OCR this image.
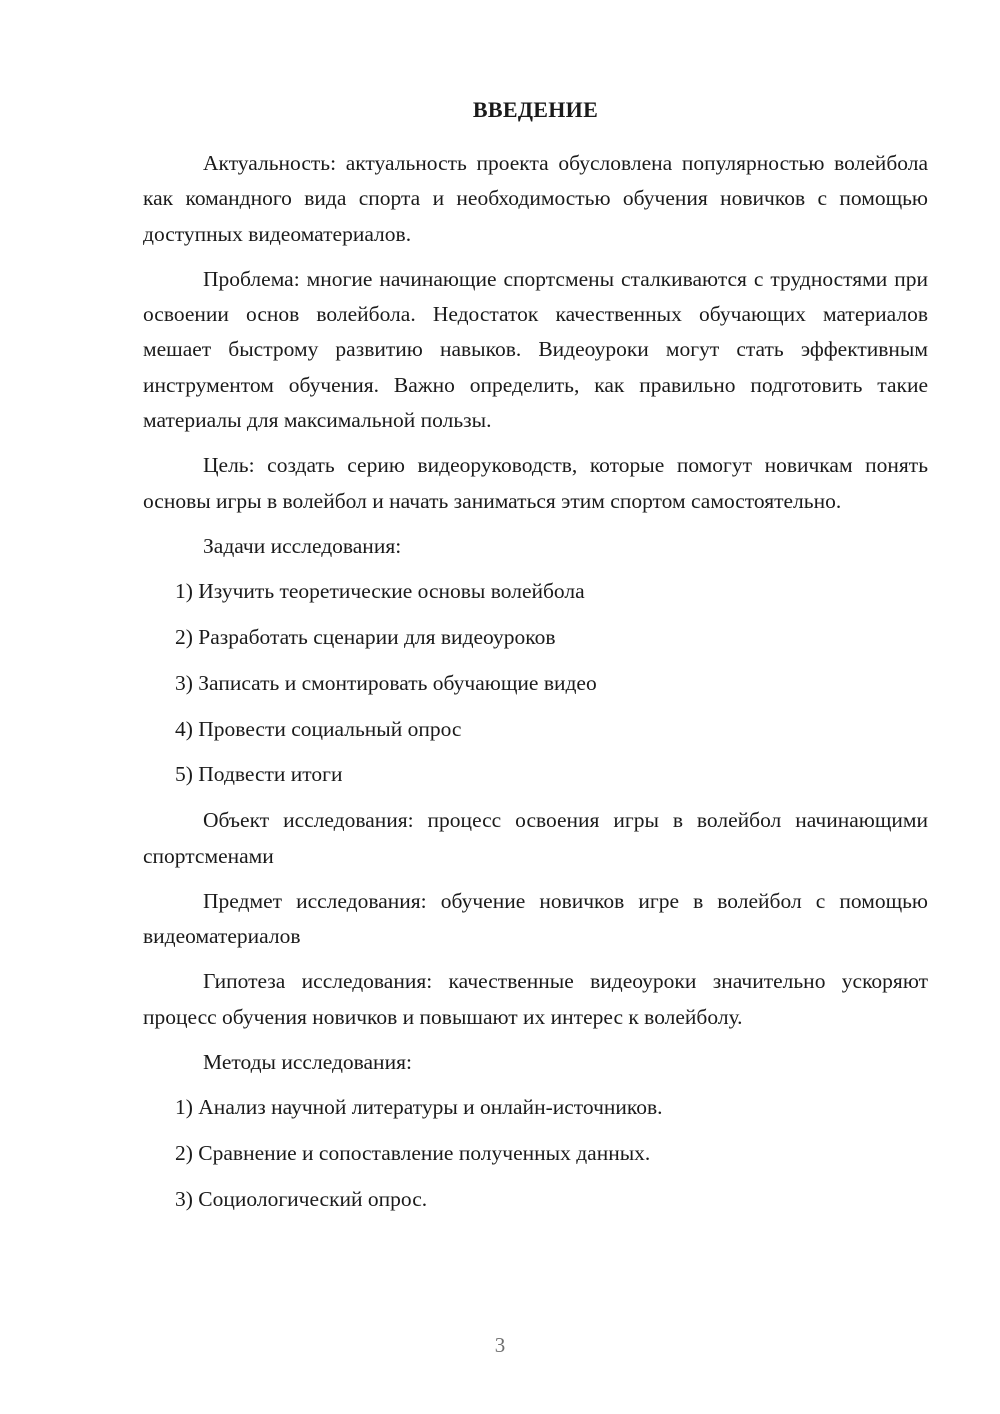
ВВЕДЕНИЕ

Актуальность: актуальность проекта обусловлена популярностью волейбола как командного вида спорта и необходимостью обучения новичков с помощью доступных видеоматериалов.

Проблема: многие начинающие спортсмены сталкиваются с трудностями при освоении основ волейбола. Недостаток качественных обучающих материалов мешает быстрому развитию навыков. Видеоуроки могут стать эффективным инструментом обучения. Важно определить, как правильно подготовить такие материалы для максимальной пользы.

Цель: создать серию видеоруководств, которые помогут новичкам понять основы игры в волейбол и начать заниматься этим спортом самостоятельно.

Задачи исследования:

1) Изучить теоретические основы волейбола

2) Разработать сценарии для видеоуроков

3) Записать и смонтировать обучающие видео

4) Провести социальный опрос

5) Подвести итоги

Объект исследования: процесс освоения игры в волейбол начинающими спортсменами

Предмет исследования: обучение новичков игре в волейбол с помощью видеоматериалов

Гипотеза исследования: качественные видеоуроки значительно ускоряют процесс обучения новичков и повышают их интерес к волейболу.

Методы исследования:

1) Анализ научной литературы и онлайн-источников.

2) Сравнение и сопоставление полученных данных.

3) Социологический опрос.

3
